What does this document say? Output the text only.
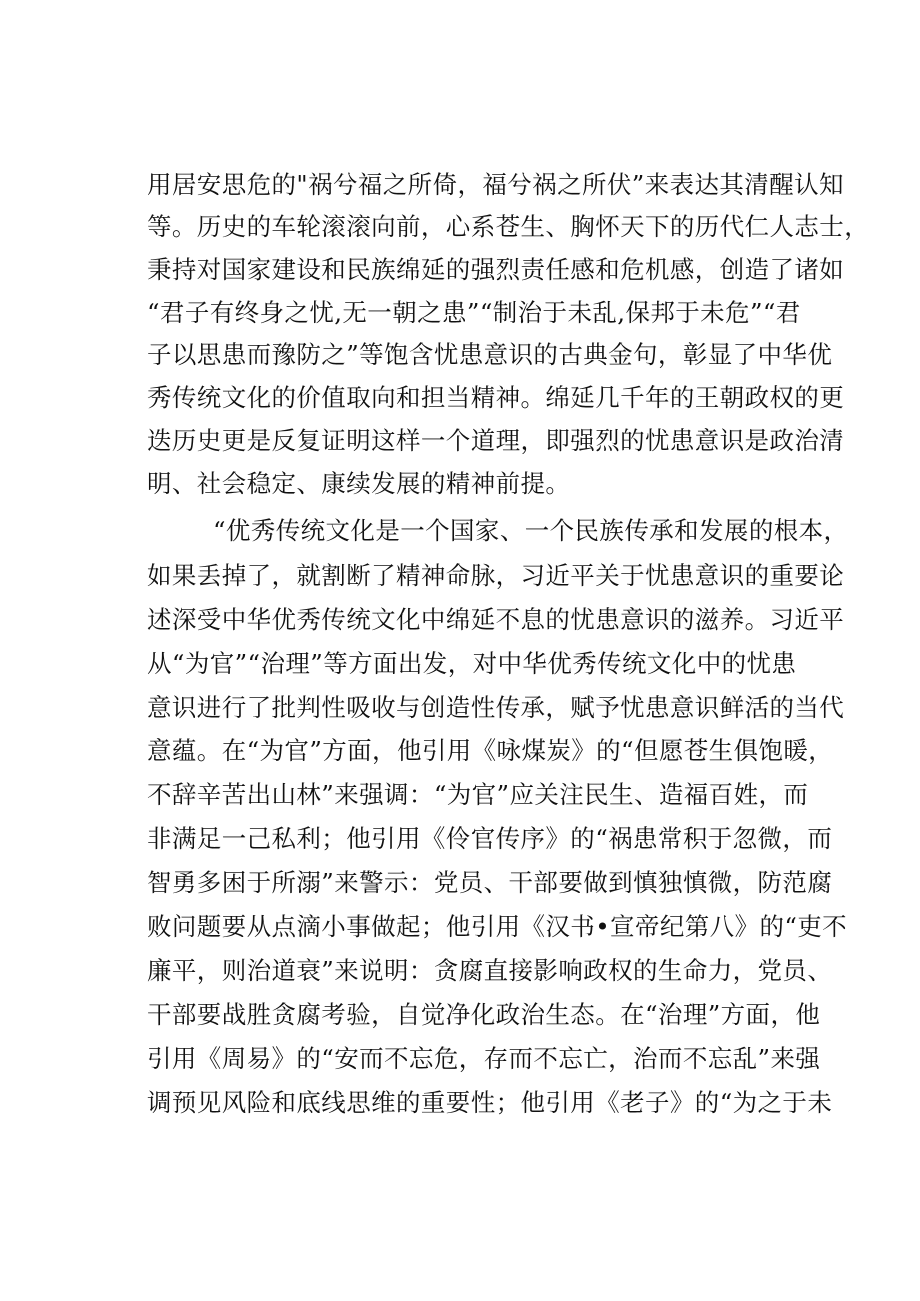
用居安思危的"祸兮福之所倚，福兮祸之所伏”来表达其清醒认知
等。历史的车轮滚滚向前，心系苍生、胸怀天下的历代仁人志士，
秉持对国家建设和民族绵延的强烈责任感和危机感，创造了诸如
“君子有终身之忧,无一朝之患”“制治于未乱,保邦于未危”“君
子以思患而豫防之”等饱含忧患意识的古典金句，彰显了中华优
秀传统文化的价值取向和担当精神。绵延几千年的王朝政权的更
迭历史更是反复证明这样一个道理，即强烈的忧患意识是政治清
明、社会稳定、康续发展的精神前提。
“优秀传统文化是一个国家、一个民族传承和发展的根本，
如果丢掉了，就割断了精神命脉，习近平关于忧患意识的重要论
述深受中华优秀传统文化中绵延不息的忧患意识的滋养。习近平
从“为官”“治理”等方面出发，对中华优秀传统文化中的忧患
意识进行了批判性吸收与创造性传承，赋予忧患意识鲜活的当代
意蕴。在“为官”方面，他引用《咏煤炭》的“但愿苍生俱饱暖，
不辞辛苦出山林”来强调：“为官”应关注民生、造福百姓，而
非满足一己私利；他引用《伶官传序》的“祸患常积于忽微，而
智勇多困于所溺”来警示：党员、干部要做到慎独慎微，防范腐
败问题要从点滴小事做起；他引用《汉书•宣帝纪第八》的“吏不
廉平，则治道衰”来说明：贪腐直接影响政权的生命力，党员、
干部要战胜贪腐考验，自觉净化政治生态。在“治理”方面，他
引用《周易》的“安而不忘危，存而不忘亡，治而不忘乱”来强
调预见风险和底线思维的重要性；他引用《老子》的“为之于未
